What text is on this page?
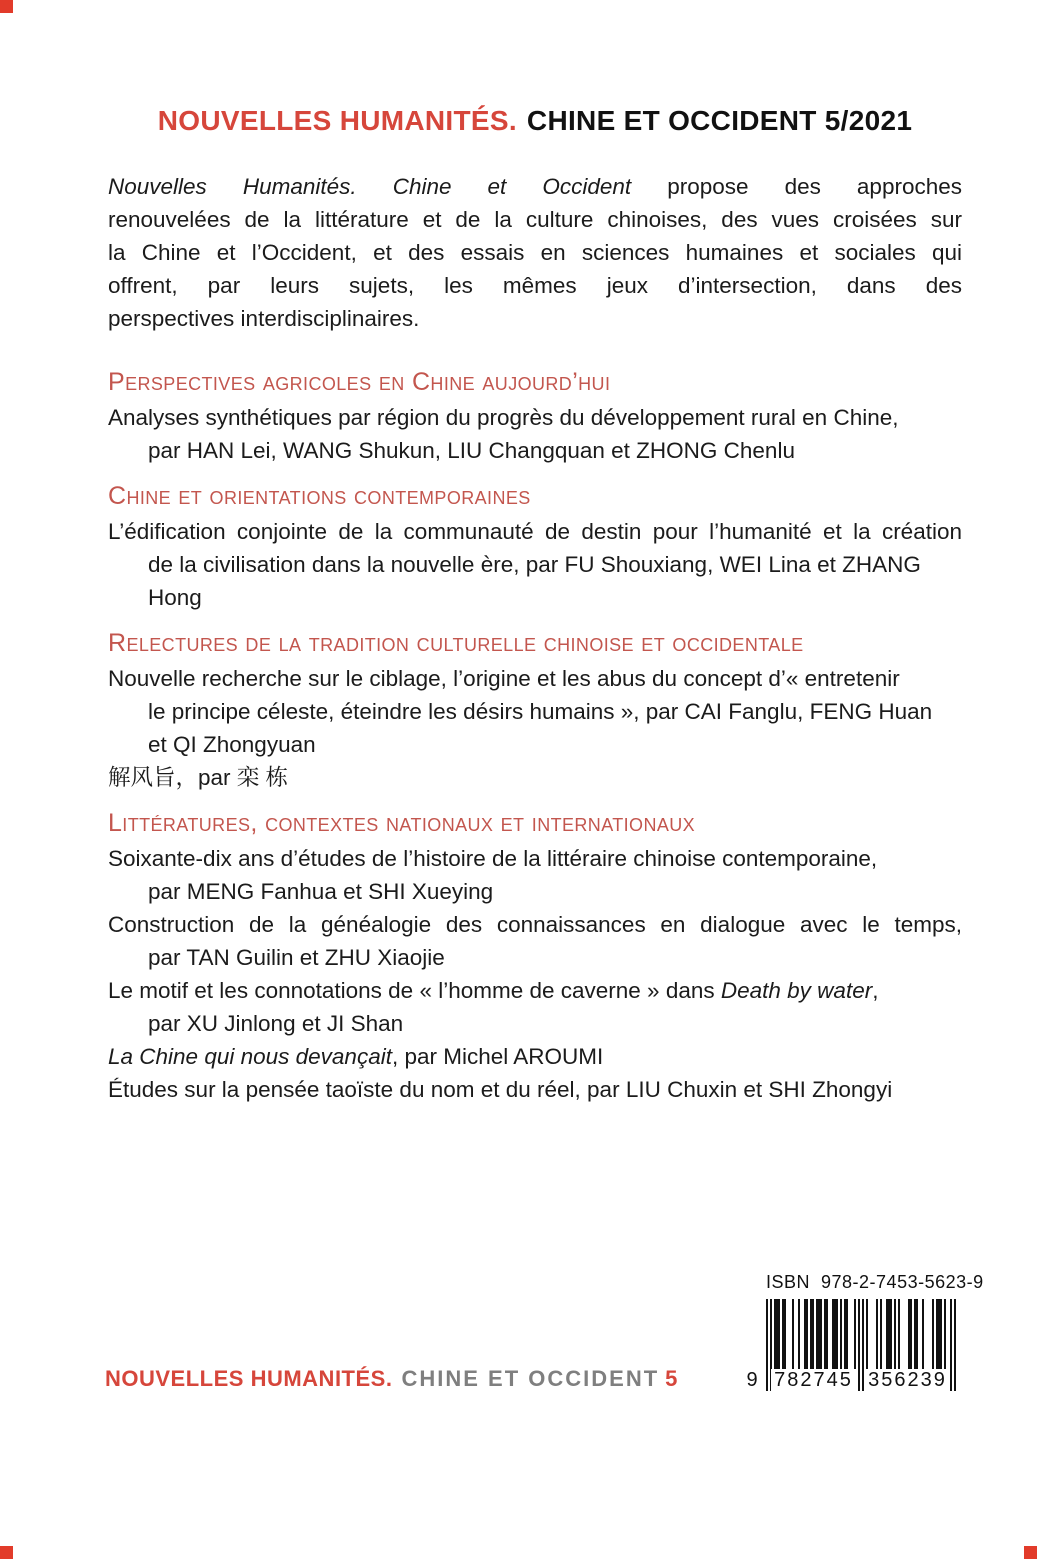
NOUVELLES HUMANITÉS. CHINE ET OCCIDENT 5/2021
Nouvelles Humanités. Chine et Occident propose des approches
renouvelées de la littérature et de la culture chinoises, des vues croisées sur
la Chine et l’Occident, et des essais en sciences humaines et sociales qui
offrent, par leurs sujets, les mêmes jeux d’intersection, dans des
perspectives interdisciplinaires.
Perspectives agricoles en Chine aujourd’hui
Analyses synthétiques par région du progrès du développement rural en Chine,
par HAN Lei, WANG Shukun, LIU Changquan et ZHONG Chenlu
Chine et orientations contemporaines
L’édification conjointe de la communauté de destin pour l’humanité et la création
de la civilisation dans la nouvelle ère, par FU Shouxiang, WEI Lina et ZHANG Hong
Relectures de la tradition culturelle chinoise et occidentale
Nouvelle recherche sur le ciblage, l’origine et les abus du concept d’« entretenir
le principe céleste, éteindre les désirs humains », par CAI Fanglu, FENG Huan
et QI Zhongyuan
解风旨，par 栾 栋
Littératures, contextes nationaux et internationaux
Soixante-dix ans d’études de l’histoire de la littéraire chinoise contemporaine,
par MENG Fanhua et SHI Xueying
Construction de la généalogie des connaissances en dialogue avec le temps,
par TAN Guilin et ZHU Xiaojie
Le motif et les connotations de « l’homme de caverne » dans Death by water,
par XU Jinlong et JI Shan
La Chine qui nous devançait, par Michel AROUMI
Études sur la pensée taoïste du nom et du réel, par LIU Chuxin et SHI Zhongyi
ISBN  978-2-7453-5623-9
9 782745 356239
NOUVELLES HUMANITÉS. CHINE ET OCCIDENT 5
